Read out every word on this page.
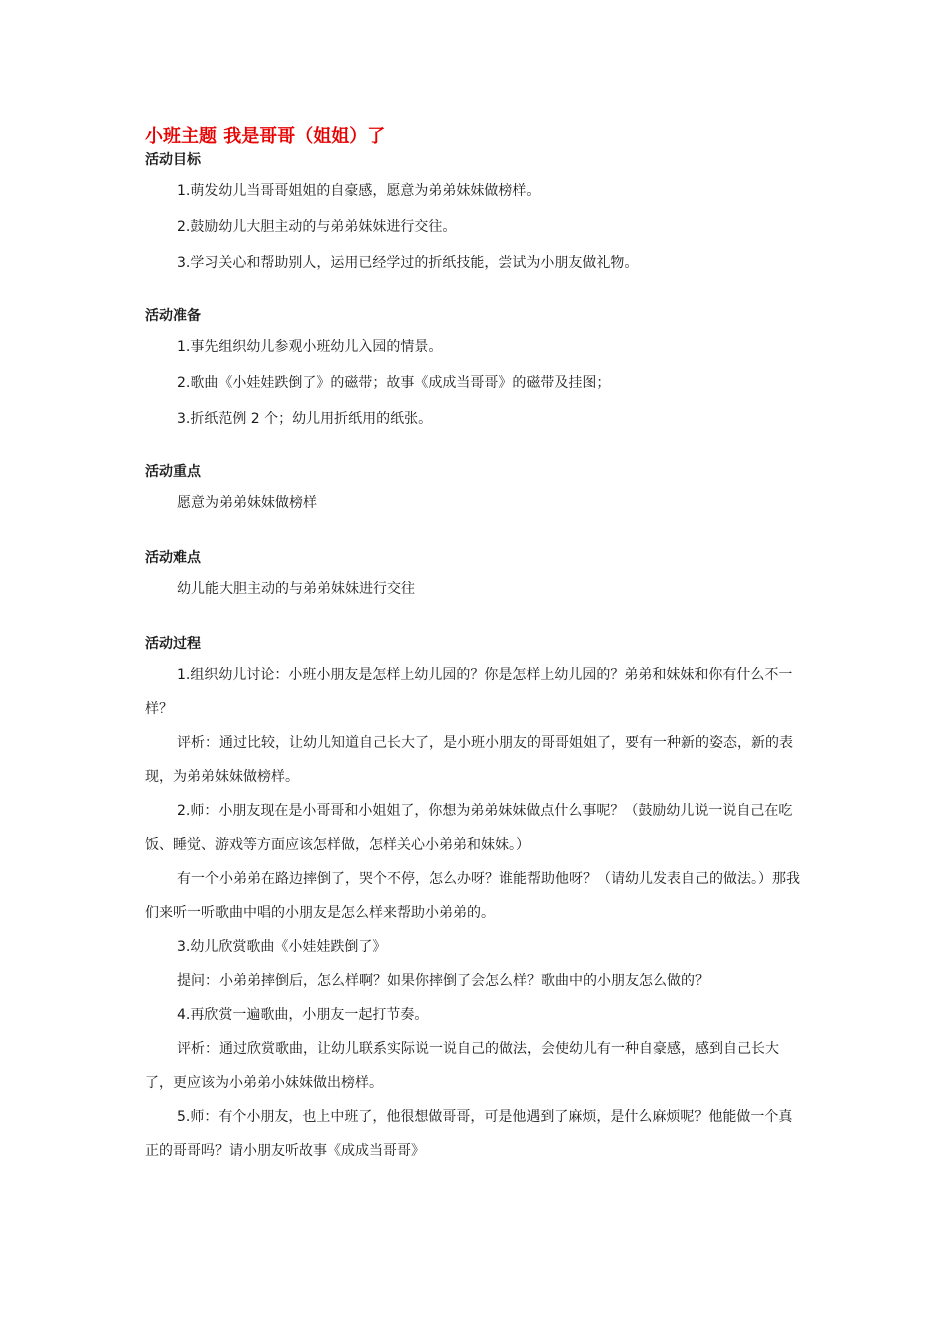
小班主题 我是哥哥（姐姐）了

活动目标

1.萌发幼儿当哥哥姐姐的自豪感，愿意为弟弟妹妹做榜样。

2.鼓励幼儿大胆主动的与弟弟妹妹进行交往。

3.学习关心和帮助别人，运用已经学过的折纸技能，尝试为小朋友做礼物。

活动准备

1.事先组织幼儿参观小班幼儿入园的情景。

2.歌曲《小娃娃跌倒了》的磁带；故事《成成当哥哥》的磁带及挂图；

3.折纸范例 2 个；幼儿用折纸用的纸张。

活动重点

愿意为弟弟妹妹做榜样

活动难点

幼儿能大胆主动的与弟弟妹妹进行交往

活动过程

1.组织幼儿讨论：小班小朋友是怎样上幼儿园的？你是怎样上幼儿园的？弟弟和妹妹和你有什么不一样？

评析：通过比较，让幼儿知道自己长大了，是小班小朋友的哥哥姐姐了，要有一种新的姿态，新的表现，为弟弟妹妹做榜样。

2.师：小朋友现在是小哥哥和小姐姐了，你想为弟弟妹妹做点什么事呢？（鼓励幼儿说一说自己在吃饭、睡觉、游戏等方面应该怎样做，怎样关心小弟弟和妹妹。）

有一个小弟弟在路边摔倒了，哭个不停，怎么办呀？谁能帮助他呀？（请幼儿发表自己的做法。）那我们来听一听歌曲中唱的小朋友是怎么样来帮助小弟弟的。

3.幼儿欣赏歌曲《小娃娃跌倒了》

提问：小弟弟摔倒后，怎么样啊？如果你摔倒了会怎么样？歌曲中的小朋友怎么做的？

4.再欣赏一遍歌曲，小朋友一起打节奏。

评析：通过欣赏歌曲，让幼儿联系实际说一说自己的做法，会使幼儿有一种自豪感，感到自己长大了，更应该为小弟弟小妹妹做出榜样。

5.师：有个小朋友，也上中班了，他很想做哥哥，可是他遇到了麻烦，是什么麻烦呢？他能做一个真正的哥哥吗？请小朋友听故事《成成当哥哥》
